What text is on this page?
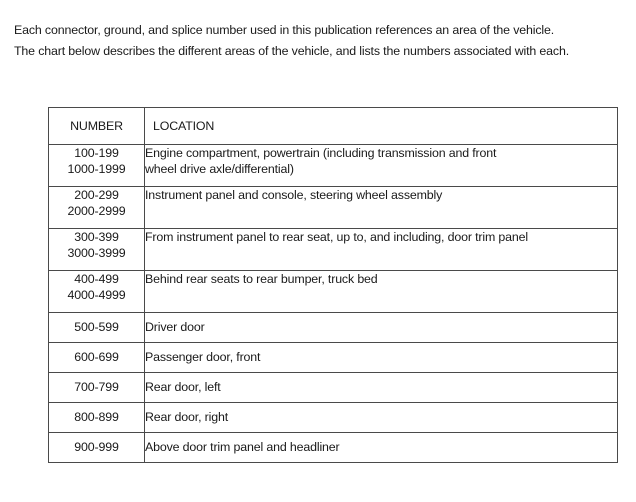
Each connector, ground, and splice number used in this publication references an area of the vehicle.

The chart below describes the different areas of the vehicle, and lists the numbers associated with each.

NUMBER	LOCATION

100-199
1000-1999	Engine compartment, powertrain (including transmission and front wheel drive axle/differential)

200-299
2000-2999	Instrument panel and console, steering wheel assembly

300-399
3000-3999	From instrument panel to rear seat, up to, and including, door trim panel

400-499
4000-4999	Behind rear seats to rear bumper, truck bed

500-599	Driver door

600-699	Passenger door, front

700-799	Rear door, left

800-899	Rear door, right

900-999	Above door trim panel and headliner
